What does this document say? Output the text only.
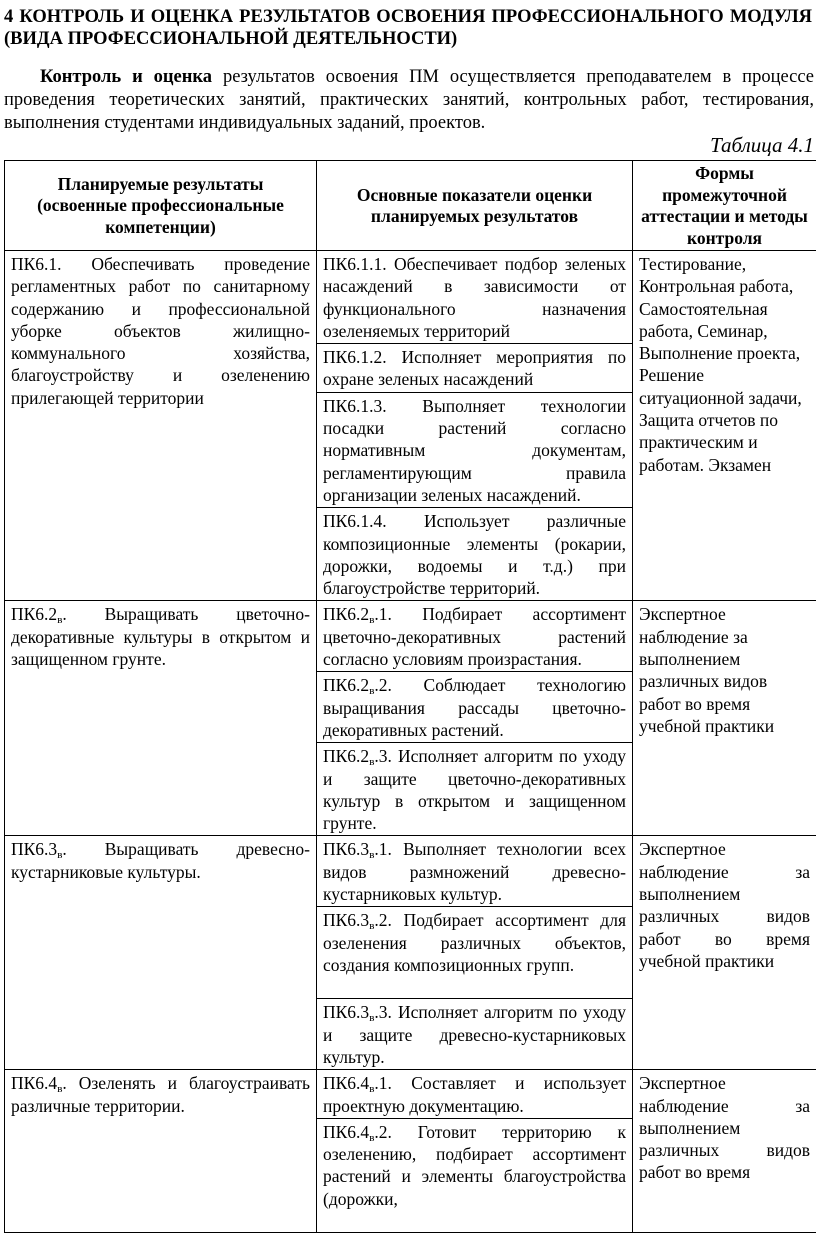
4 КОНТРОЛЬ И ОЦЕНКА РЕЗУЛЬТАТОВ ОСВОЕНИЯ ПРОФЕССИОНАЛЬНОГО МОДУЛЯ (ВИДА ПРОФЕССИОНАЛЬНОЙ ДЕЯТЕЛЬНОСТИ)
Контроль и оценка результатов освоения ПМ осуществляется преподавателем в процессе проведения теоретических занятий, практических занятий, контрольных работ, тестирования, выполнения студентами индивидуальных заданий, проектов.
Таблица 4.1
Планируемые результаты (освоенные профессиональные компетенции)	Основные показатели оценки планируемых результатов	Формы промежуточной аттестации и методы контроля
ПК6.1. Обеспечивать проведение регламентных работ по санитарному содержанию и профессиональной уборке объектов жилищно-коммунального хозяйства, благоустройству и озеленению прилегающей территории	ПК6.1.1. Обеспечивает подбор зеленых насаждений в зависимости от функционального назначения озеленяемых территорий	Тестирование, Контрольная работа, Самостоятельная работа, Семинар, Выполнение проекта, Решение ситуационной задачи, Защита отчетов по практическим и работам. Экзамен
	ПК6.1.2. Исполняет мероприятия по охране зеленых насаждений	
	ПК6.1.3. Выполняет технологии посадки растений согласно нормативным документам, регламентирующим правила организации зеленых насаждений.	
	ПК6.1.4. Использует различные композиционные элементы (рокарии, дорожки, водоемы и т.д.) при благоустройстве территорий.	
$ПК6.2_в$. Выращивать цветочно-декоративные культуры в открытом и защищенном грунте.	$ПК6.2_в.1$. Подбирает ассортимент цветочно-декоративных растений согласно условиям произрастания.	Экспертное наблюдение за выполнением различных видов работ во время учебной практики
	$ПК6.2_в.2$. Соблюдает технологию выращивания рассады цветочно-декоративных растений.	
	$ПК6.2_в.3$. Исполняет алгоритм по уходу и защите цветочно-декоративных культур в открытом и защищенном грунте.	
$ПК6.3_в$. Выращивать древесно-кустарниковые культуры.	$ПК6.3_в.1$. Выполняет технологии всех видов размножений древесно-кустарниковых культур.	Экспертное наблюдение за выполнением различных видов работ во время учебной практики
	$ПК6.3_в.2$. Подбирает ассортимент для озеленения различных объектов, создания композиционных групп.	
	$ПК6.3_в.3$. Исполняет алгоритм по уходу и защите древесно-кустарниковых культур.	
$ПК6.4_в$. Озеленять и благоустраивать различные территории.	$ПК6.4_в.1$. Составляет и использует проектную документацию.	Экспертное наблюдение за выполнением различных видов работ во время
	$ПК6.4_в.2$. Готовит территорию к озеленению, подбирает ассортимент растений и элементы благоустройства (дорожки,	
